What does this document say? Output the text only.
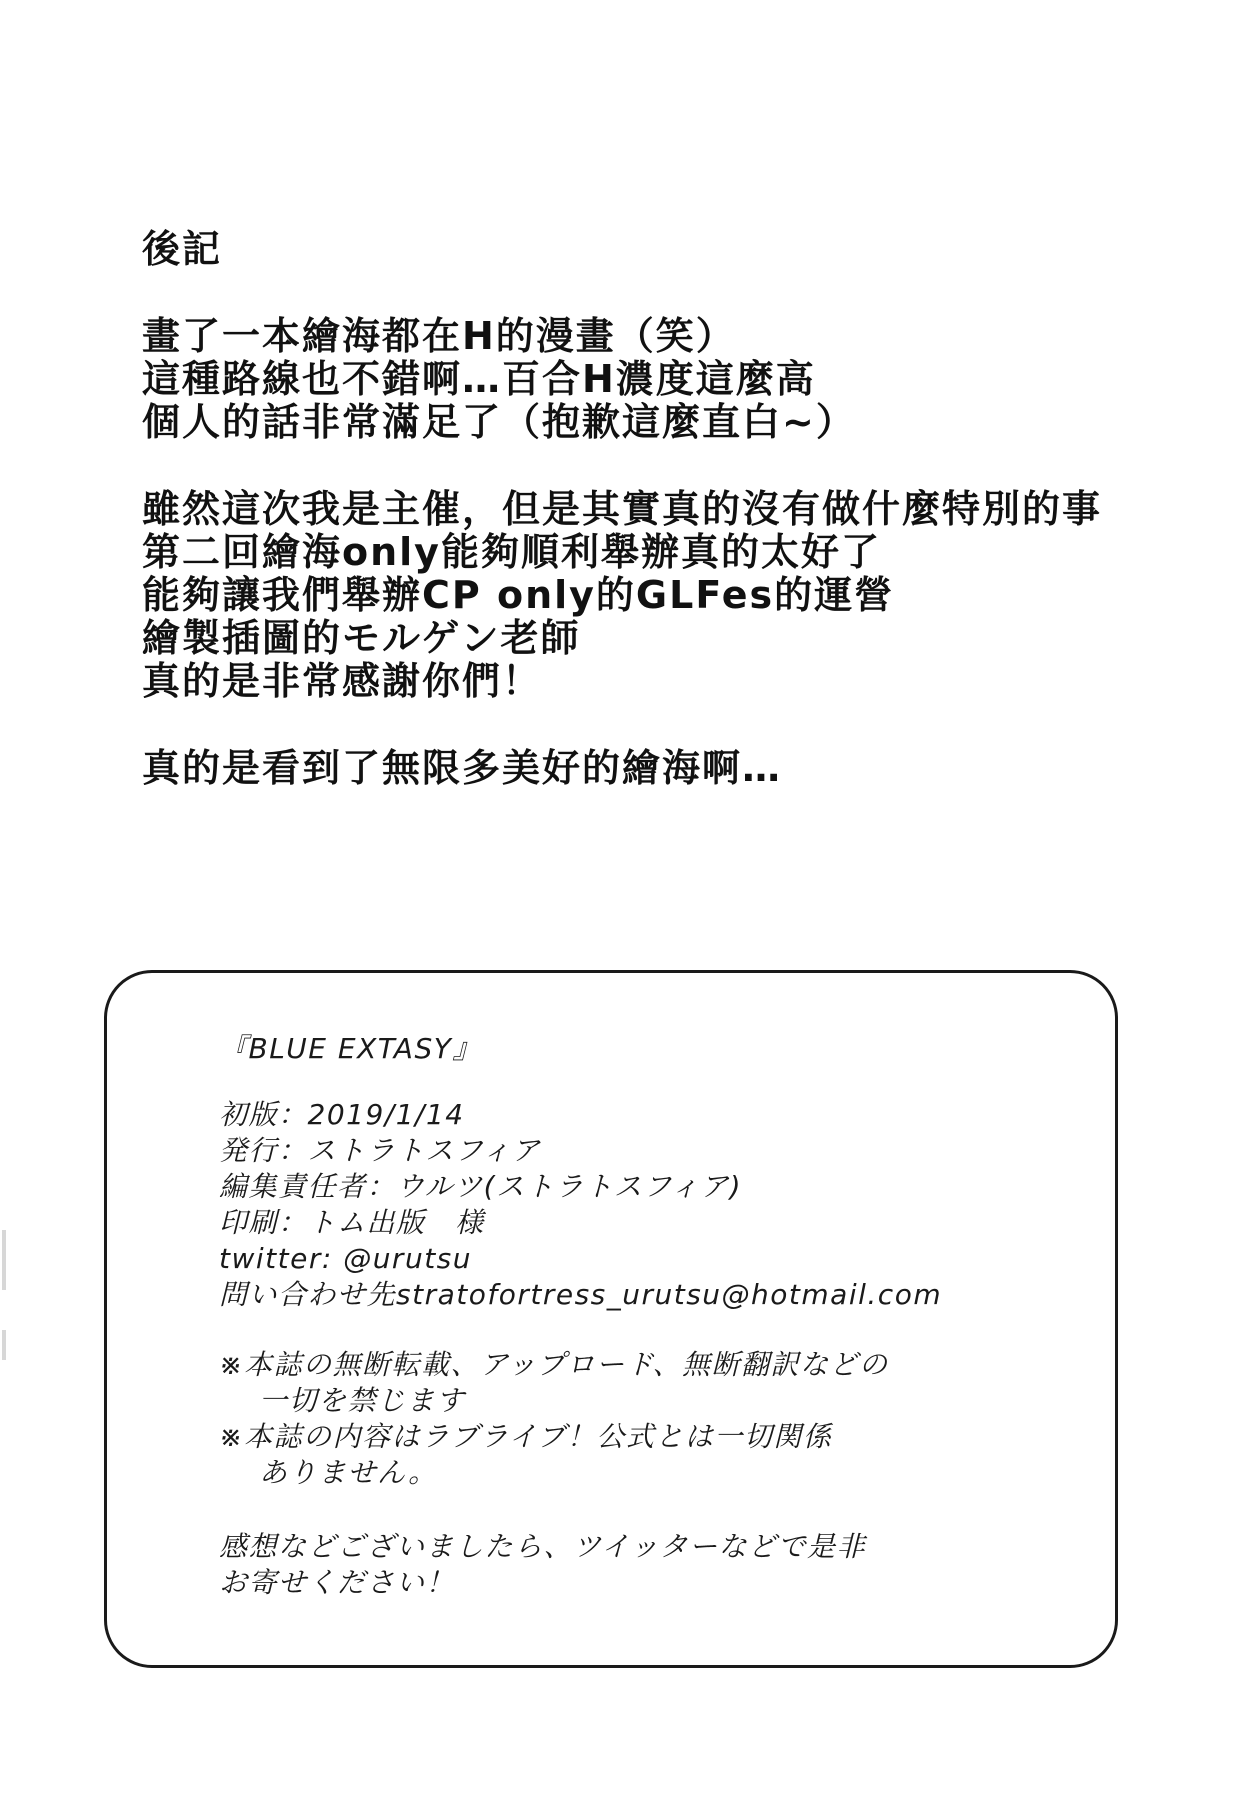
後記
畫了一本繪海都在H的漫畫（笑）
這種路線也不錯啊…百合H濃度這麼高
個人的話非常滿足了（抱歉這麼直白~）
雖然這次我是主催，但是其實真的沒有做什麼特別的事
第二回繪海only能夠順利舉辦真的太好了
能夠讓我們舉辦CP only的GLFes的運營
繪製插圖的モルゲン老師
真的是非常感謝你們！
真的是看到了無限多美好的繪海啊…
『BLUE EXTASY』
初版：2019/1/14
発行：ストラトスフィア
編集責任者：ウルツ(ストラトスフィア)
印刷：トム出版　様
twitter: @urutsu
問い合わせ先stratofortress_urutsu@hotmail.com
※本誌の無断転載、アップロード、無断翻訳などの
一切を禁じます
※本誌の内容はラブライブ！公式とは一切関係
ありません。
感想などございましたら、ツイッターなどで是非
お寄せください！
